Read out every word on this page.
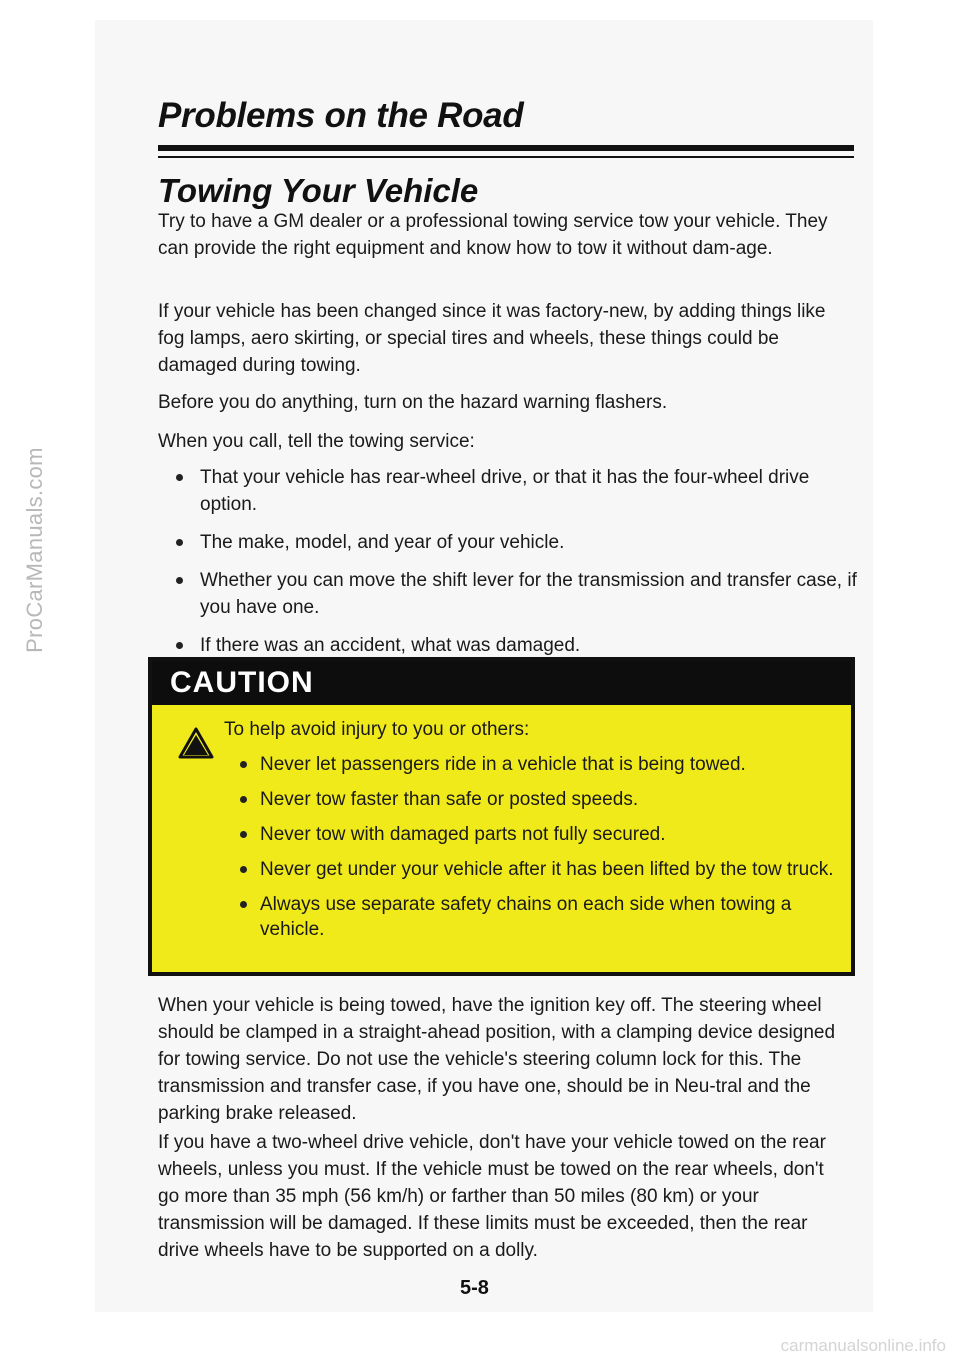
ProCarManuals.com
Problems on the Road
Towing Your Vehicle

Try to have a GM dealer or a professional towing service tow your vehicle. They can provide the right equipment and know how to tow it without dam-age.

If your vehicle has been changed since it was factory-new, by adding things like fog lamps, aero skirting, or special tires and wheels, these things could be damaged during towing.

Before you do anything, turn on the hazard warning flashers.

When you call, tell the towing service:

That your vehicle has rear-wheel drive, or that it has the four-wheel drive option.
The make, model, and year of your vehicle.
Whether you can move the shift lever for the transmission and transfer case, if you have one.
If there was an accident, what was damaged.
CAUTION

To help avoid injury to you or others:

Never let passengers ride in a vehicle that is being towed.
Never tow faster than safe or posted speeds.
Never tow with damaged parts not fully secured.
Never get under your vehicle after it has been lifted by the tow truck.
Always use separate safety chains on each side when towing a vehicle.

When your vehicle is being towed, have the ignition key off. The steering wheel should be clamped in a straight-ahead position, with a clamping device designed for towing service. Do not use the vehicle's steering column lock for this. The transmission and transfer case, if you have one, should be in Neu-tral and the parking brake released.

If you have a two-wheel drive vehicle, don't have your vehicle towed on the rear wheels, unless you must. If the vehicle must be towed on the rear wheels, don't go more than 35 mph (56 km/h) or farther than 50 miles (80 km) or your transmission will be damaged. If these limits must be exceeded, then the rear drive wheels have to be supported on a dolly.

5-8
carmanualsonline.info
